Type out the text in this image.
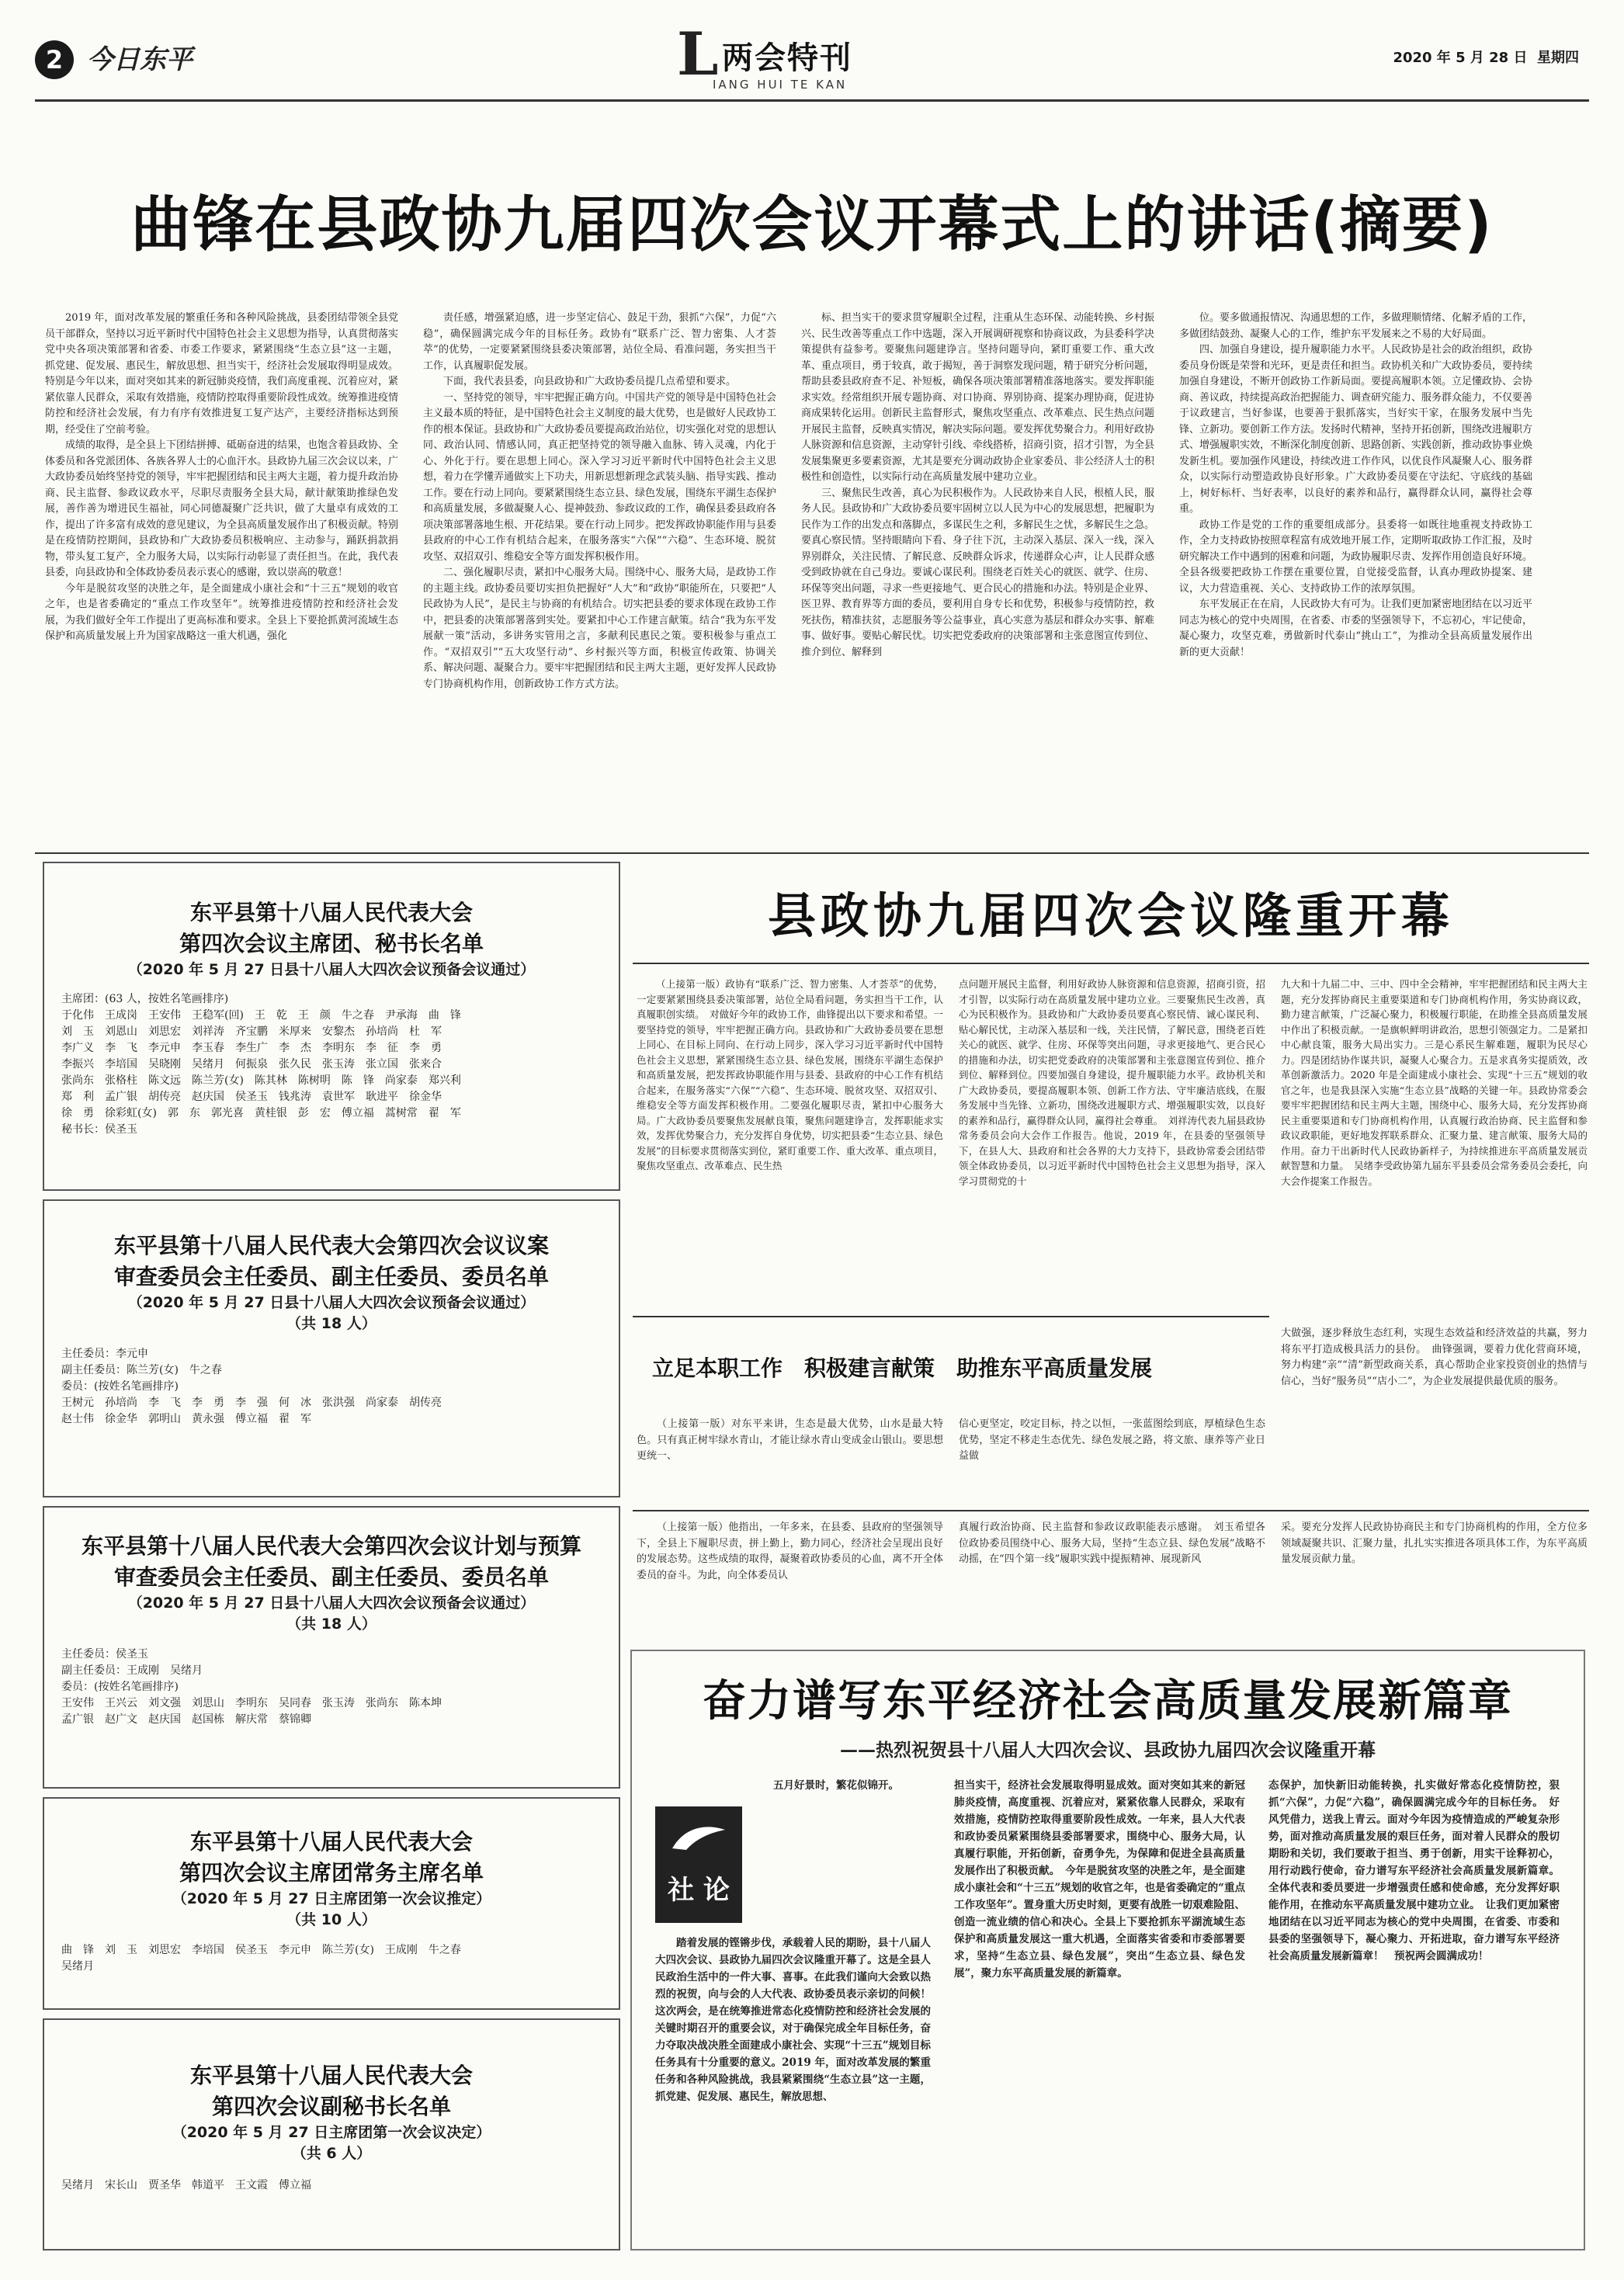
2 今日东平	L 两会特刊
IANG HUI TE KAN
2020 年 5 月 28 日 星期四
曲锋在县政协九届四次会议开幕式上的讲话(摘要)

2019 年，面对改革发展的繁重任务和各种风险挑战，县委团结带领全县党员干部群众，坚持以习近平新时代中国特色社会主义思想为指导，认真贯彻落实党中央各项决策部署和省委、市委工作要求，紧紧围绕“生态立县”这一主题，抓党建、促发展、惠民生，解放思想、担当实干，经济社会发展取得明显成效。特别是今年以来，面对突如其来的新冠肺炎疫情，我们高度重视、沉着应对，紧紧依靠人民群众，采取有效措施，疫情防控取得重要阶段性成效。统筹推进疫情防控和经济社会发展，有力有序有效推进复工复产达产，主要经济指标达到预期，经受住了空前考验。

成绩的取得，是全县上下团结拼搏、砥砺奋进的结果，也饱含着县政协、全体委员和各党派团体、各族各界人士的心血汗水。县政协九届三次会议以来，广大政协委员始终坚持党的领导，牢牢把握团结和民主两大主题，着力提升政治协商、民主监督、参政议政水平，尽职尽责服务全县大局，献计献策助推绿色发展，善作善为增进民生福祉，同心同德凝聚广泛共识，做了大量卓有成效的工作，提出了许多富有成效的意见建议，为全县高质量发展作出了积极贡献。特别是在疫情防控期间，县政协和广大政协委员积极响应、主动参与，踊跃捐款捐物，带头复工复产，全力服务大局，以实际行动彰显了责任担当。在此，我代表县委，向县政协和全体政协委员表示衷心的感谢，致以崇高的敬意！

今年是脱贫攻坚的决胜之年，是全面建成小康社会和“十三五”规划的收官之年，也是省委确定的“重点工作攻坚年”。统筹推进疫情防控和经济社会发展，为我们做好全年工作提出了更高标准和要求。全县上下要抢抓黄河流域生态保护和高质量发展上升为国家战略这一重大机遇，强化

责任感，增强紧迫感，进一步坚定信心、鼓足干劲，狠抓“六保”，力促“六稳”，确保圆满完成今年的目标任务。政协有“联系广泛、智力密集、人才荟萃”的优势，一定要紧紧围绕县委决策部署，站位全局、看准问题，务实担当干工作，认真履职促发展。

下面，我代表县委，向县政协和广大政协委员提几点希望和要求。

一、坚持党的领导，牢牢把握正确方向。中国共产党的领导是中国特色社会主义最本质的特征，是中国特色社会主义制度的最大优势，也是做好人民政协工作的根本保证。县政协和广大政协委员要提高政治站位，切实强化对党的思想认同、政治认同、情感认同，真正把坚持党的领导融入血脉、铸入灵魂，内化于心、外化于行。要在思想上同心。深入学习习近平新时代中国特色社会主义思想，着力在学懂弄通做实上下功夫，用新思想新理念武装头脑、指导实践、推动工作。要在行动上同向。要紧紧围绕生态立县、绿色发展，围绕东平湖生态保护和高质量发展，多做凝聚人心、提神鼓劲、参政议政的工作，确保县委县政府各项决策部署落地生根、开花结果。要在行动上同步。把发挥政协职能作用与县委县政府的中心工作有机结合起来，在服务落实“六保”“六稳”、生态环境、脱贫攻坚、双招双引、维稳安全等方面发挥积极作用。

二、强化履职尽责，紧扣中心服务大局。围绕中心、服务大局，是政协工作的主题主线。政协委员要切实担负把握好“人大”和“政协”职能所在，只要把“人民政协为人民”，是民主与协商的有机结合。切实把县委的要求体现在政协工作中，把县委的决策部署落到实处。要紧扣中心工作建言献策。结合“我为东平发展献一策”活动，多讲务实管用之言，多献利民惠民之策。要积极参与重点工作。“双招双引”“五大攻坚行动”、乡村振兴等方面，积极宣传政策、协调关系、解决问题、凝聚合力。要牢牢把握团结和民主两大主题，更好发挥人民政协专门协商机构作用，创新政协工作方式方法。

标、担当实干的要求贯穿履职全过程，注重从生态环保、动能转换、乡村振兴、民生改善等重点工作中选题，深入开展调研视察和协商议政，为县委科学决策提供有益参考。要聚焦问题建诤言。坚持问题导向，紧盯重要工作、重大改革、重点项目，勇于较真，敢于揭短，善于洞察发现问题，精于研究分析问题，帮助县委县政府查不足、补短板，确保各项决策部署精准落地落实。要发挥职能求实效。经常组织开展专题协商、对口协商、界别协商、提案办理协商，促进协商成果转化运用。创新民主监督形式，聚焦攻坚重点、改革难点、民生热点问题开展民主监督，反映真实情况，解决实际问题。要发挥优势聚合力。利用好政协人脉资源和信息资源，主动穿针引线、牵线搭桥，招商引资，招才引智，为全县发展集聚更多要素资源，尤其是要充分调动政协企业家委员、非公经济人士的积极性和创造性，以实际行动在高质量发展中建功立业。

三、聚焦民生改善，真心为民积极作为。人民政协来自人民，根植人民，服务人民。县政协和广大政协委员要牢固树立以人民为中心的发展思想，把履职为民作为工作的出发点和落脚点，多谋民生之利，多解民生之忧，多解民生之急。要真心察民情。坚持眼睛向下看、身子往下沉，主动深入基层、深入一线，深入界别群众，关注民情、了解民意、反映群众诉求，传递群众心声，让人民群众感受到政协就在自己身边。要诚心谋民利。围绕老百姓关心的就医、就学、住房、环保等突出问题，寻求一些更接地气、更合民心的措施和办法。特别是企业界、医卫界、教育界等方面的委员，要利用自身专长和优势，积极参与疫情防控，救死扶伤，精准扶贫，志愿服务等公益事业，真心实意为基层和群众办实事、解难事、做好事。要贴心解民忧。切实把党委政府的决策部署和主张意图宣传到位、推介到位、解释到

位。要多做通报情况、沟通思想的工作，多做理顺情绪、化解矛盾的工作，多做团结鼓劲、凝聚人心的工作，维护东平发展来之不易的大好局面。

四、加强自身建设，提升履职能力水平。人民政协是社会的政治组织，政协委员身份既是荣誉和光环，更是责任和担当。政协机关和广大政协委员，要持续加强自身建设，不断开创政协工作新局面。要提高履职本领。立足懂政协、会协商、善议政，持续提高政治把握能力、调查研究能力、服务群众能力，不仅要善于议政建言，当好参谋，也要善于狠抓落实，当好实干家，在服务发展中当先锋、立新功。要创新工作方法。发扬时代精神，坚持开拓创新，围绕改进履职方式、增强履职实效，不断深化制度创新、思路创新、实践创新，推动政协事业焕发新生机。要加强作风建设，持续改进工作作风，以优良作风凝聚人心、服务群众，以实际行动塑造政协良好形象。广大政协委员要在守法纪、守底线的基础上，树好标杆、当好表率，以良好的素养和品行，赢得群众认同，赢得社会尊重。

政协工作是党的工作的重要组成部分。县委将一如既往地重视支持政协工作，全力支持政协按照章程富有成效地开展工作，定期听取政协工作汇报，及时研究解决工作中遇到的困难和问题，为政协履职尽责、发挥作用创造良好环境。全县各级要把政协工作摆在重要位置，自觉接受监督，认真办理政协提案、建议，大力营造重视、关心、支持政协工作的浓厚氛围。

东平发展正在在肩，人民政协大有可为。让我们更加紧密地团结在以习近平同志为核心的党中央周围，在省委、市委的坚强领导下，不忘初心，牢记使命，凝心聚力，攻坚克难，勇做新时代泰山“挑山工”，为推动全县高质量发展作出新的更大贡献！

东平县第十八届人民代表大会
第四次会议主席团、秘书长名单
（2020 年 5 月 27 日县十八届人大四次会议预备会议通过）
主席团：(63 人，按姓名笔画排序)
于化伟　王成岗　王安伟　王稳军(回)　王　乾　王　颜　牛之春　尹承海　曲　锋
刘　玉　刘恩山　刘思宏　刘祥涛　齐宝鹏　米厚来　安黎杰　孙培尚　杜　军
李广义　李　飞　李元申　李玉春　李生广　李　杰　李明东　李　征　李　勇
李振兴　李培国　吴晓刚　吴绪月　何振泉　张久民　张玉涛　张立国　张来合
张尚东　张格柱　陈文远　陈兰芳(女)　陈其林　陈树明　陈　锋　尚家泰　郑兴利
郑　利　孟广银　胡传亮　赵庆国　侯圣玉　钱兆涛　袁世军　耿进平　徐金华
徐　勇　徐彩虹(女)　郭　东　郭光喜　黄桂银　彭　宏　傅立福　蒿树常　翟　军
秘书长：侯圣玉
东平县第十八届人民代表大会第四次会议议案
审查委员会主任委员、副主任委员、委员名单
（2020 年 5 月 27 日县十八届人大四次会议预备会议通过）
（共 18 人）
主任委员：李元申
副主任委员：陈兰芳(女)　牛之春
委员：(按姓名笔画排序)
王树元　孙培尚　李　飞　李　勇　李　强　何　冰　张洪强　尚家泰　胡传亮
赵士伟　徐金华　郭明山　黄永强　傅立福　翟　军
东平县第十八届人民代表大会第四次会议计划与预算
审查委员会主任委员、副主任委员、委员名单
（2020 年 5 月 27 日县十八届人大四次会议预备会议通过）
（共 18 人）
主任委员：侯圣玉
副主任委员：王成刚　吴绪月
委员：(按姓名笔画排序)
王安伟　王兴云　刘文强　刘思山　李明东　吴同春　张玉涛　张尚东　陈本坤
孟广银　赵广文　赵庆国　赵国栋　解庆常　蔡锦卿
东平县第十八届人民代表大会
第四次会议主席团常务主席名单
（2020 年 5 月 27 日主席团第一次会议推定）
（共 10 人）
曲　锋　刘　玉　刘思宏　李培国　侯圣玉　李元申　陈兰芳(女)　王成刚　牛之春
吴绪月
东平县第十八届人民代表大会
第四次会议副秘书长名单
（2020 年 5 月 27 日主席团第一次会议决定）
（共 6 人）
吴绪月　宋长山　贾圣华　韩道平　王文霞　傅立福
县政协九届四次会议隆重开幕

（上接第一版）政协有“联系广泛、智力密集、人才荟萃”的优势，一定要紧紧围绕县委决策部署，站位全局看问题，务实担当干工作，认真履职创实绩。　对做好今年的政协工作，曲锋提出以下要求和希望。一要坚持党的领导，牢牢把握正确方向。县政协和广大政协委员要在思想上同心、在目标上同向、在行动上同步，深入学习习近平新时代中国特色社会主义思想，紧紧围绕生态立县、绿色发展，围绕东平湖生态保护和高质量发展，把发挥政协职能作用与县委、县政府的中心工作有机结合起来，在服务落实“六保”“六稳”、生态环境、脱贫攻坚、双招双引、维稳安全等方面发挥积极作用。二要强化履职尽责，紧扣中心服务大局。广大政协委员要聚焦发展献良策，聚焦问题建诤言，发挥职能求实效，发挥优势聚合力，充分发挥自身优势，切实把县委“生态立县、绿色发展”的目标要求贯彻落实到位，紧盯重要工作、重大改革、重点项目，聚焦攻坚重点、改革难点、民生热

点问题开展民主监督，利用好政协人脉资源和信息资源，招商引资，招才引智，以实际行动在高质量发展中建功立业。三要聚焦民生改善，真心为民积极作为。县政协和广大政协委员要真心察民情、诚心谋民利、贴心解民忧，主动深入基层和一线，关注民情，了解民意，围绕老百姓关心的就医、就学、住房、环保等突出问题，寻求更接地气、更合民心的措施和办法，切实把党委政府的决策部署和主张意图宣传到位、推介到位、解释到位。四要加强自身建设，提升履职能力水平。政协机关和广大政协委员，要提高履职本领、创新工作方法、守牢廉洁底线，在服务发展中当先锋、立新功，围绕改进履职方式、增强履职实效，以良好的素养和品行，赢得群众认同，赢得社会尊重。　刘祥涛代表九届县政协常务委员会向大会作工作报告。他说，2019 年，在县委的坚强领导下，在县人大、县政府和社会各界的大力支持下，县政协常委会团结带领全体政协委员，以习近平新时代中国特色社会主义思想为指导，深入学习贯彻党的十

九大和十九届二中、三中、四中全会精神，牢牢把握团结和民主两大主题，充分发挥协商民主重要渠道和专门协商机构作用，务实协商议政，勤力建言献策，广泛凝心聚力，积极履行职能，在助推全县高质量发展中作出了积极贡献。一是旗帜鲜明讲政治，思想引领强定力。二是紧扣中心献良策，服务大局出实力。三是心系民生解难题，履职为民尽心力。四是团结协作谋共识，凝聚人心聚合力。五是求真务实提质效，改革创新激活力。2020 年是全面建成小康社会、实现“十三五”规划的收官之年，也是我县深入实施“生态立县”战略的关键一年。县政协常委会要牢牢把握团结和民主两大主题，围绕中心、服务大局，充分发挥协商民主重要渠道和专门协商机构作用，认真履行政治协商、民主监督和参政议政职能，更好地发挥联系群众、汇聚力量、建言献策、服务大局的作用。奋力干出新时代人民政协新样子，为持续推进东平高质量发展贡献智慧和力量。　吴绪李受政协第九届东平县委员会常务委员会委托，向大会作提案工作报告。

立足本职工作　积极建言献策　助推东平高质量发展

（上接第一版）对东平来讲，生态是最大优势，山水是最大特色。只有真正树牢绿水青山，才能让绿水青山变成金山银山。要思想更统一、

信心更坚定，咬定目标，持之以恒，一张蓝图绘到底，厚植绿色生态优势，坚定不移走生态优先、绿色发展之路，将文旅、康养等产业日益做

大做强，逐步释放生态红利，实现生态效益和经济效益的共赢，努力将东平打造成极具活力的县份。　曲锋强调，要着力优化营商环境，努力构建“亲”“清”新型政商关系，真心帮助企业家投资创业的热情与信心，当好“服务员”“店小二”，为企业发展提供最优质的服务。

（上接第一版）他指出，一年多来，在县委、县政府的坚强领导下，全县上下履职尽责，拼上勤上，勤力同心，经济社会呈现出良好的发展态势。这些成绩的取得，凝聚着政协委员的心血，离不开全体委员的奋斗。为此，向全体委员认

真履行政治协商、民主监督和参政议政职能表示感谢。　刘玉希望各位政协委员围绕中心、服务大局，坚持“生态立县、绿色发展”战略不动摇，在“四个第一线”履职实践中提振精神、展现新风

采。要充分发挥人民政协协商民主和专门协商机构的作用，全方位多领域凝聚共识、汇聚力量，扎扎实实推进各项具体工作，为东平高质量发展贡献力量。

奋力谱写东平经济社会高质量发展新篇章
——热烈祝贺县十八届人大四次会议、县政协九届四次会议隆重开幕
社 论

五月好景时，繁花似锦开。

踏着发展的铿锵步伐，承载着人民的期盼，县十八届人大四次会议、县政协九届四次会议隆重开幕了。这是全县人民政治生活中的一件大事、喜事。在此我们谨向大会致以热烈的祝贺，向与会的人大代表、政协委员表示亲切的问候！　这次两会，是在统筹推进常态化疫情防控和经济社会发展的关键时期召开的重要会议，对于确保完成全年目标任务，奋力夺取决战决胜全面建成小康社会、实现“十三五”规划目标任务具有十分重要的意义。2019 年，面对改革发展的繁重任务和各种风险挑战，我县紧紧围绕“生态立县”这一主题，抓党建、促发展、惠民生，解放思想、

担当实干，经济社会发展取得明显成效。面对突如其来的新冠肺炎疫情，高度重视、沉着应对，紧紧依靠人民群众，采取有效措施，疫情防控取得重要阶段性成效。一年来，县人大代表和政协委员紧紧围绕县委部署要求，围绕中心、服务大局，认真履行职能，开拓创新，奋勇争先，为保障和促进全县高质量发展作出了积极贡献。　今年是脱贫攻坚的决胜之年，是全面建成小康社会和“十三五”规划的收官之年，也是省委确定的“重点工作攻坚年”。置身重大历史时刻，更要有战胜一切艰难险阻、创造一流业绩的信心和决心。全县上下要抢抓东平湖流域生态保护和高质量发展这一重大机遇，全面落实省委和市委部署要求，坚持“生态立县、绿色发展”，突出“生态立县、绿色发展”，聚力东平高质量发展的新篇章。

态保护，加快新旧动能转换，扎实做好常态化疫情防控，狠抓“六保”，力促“六稳”，确保圆满完成今年的目标任务。　好风凭借力，送我上青云。面对今年因为疫情造成的严峻复杂形势，面对推动高质量发展的艰巨任务，面对着人民群众的殷切期盼和关切，我们要敢于担当、勇于创新，用实干诠释初心，用行动践行使命，奋力谱写东平经济社会高质量发展新篇章。全体代表和委员要进一步增强责任感和使命感，充分发挥好职能作用，在推动东平高质量发展中建功立业。　让我们更加紧密地团结在以习近平同志为核心的党中央周围，在省委、市委和县委的坚强领导下，凝心聚力、开拓进取，奋力谱写东平经济社会高质量发展新篇章！　预祝两会圆满成功！
